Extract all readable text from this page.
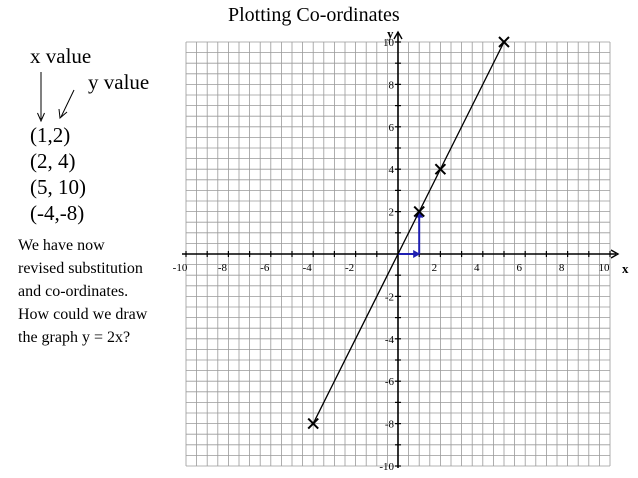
Plotting Co-ordinates
x value
y value
(1,2)
(2, 4)
(5, 10)
(-4,-8)
We have now
revised substitution
and co-ordinates.
How could we draw
the graph y = 2x?
-10	-8	-6	-4	-2	2	4	6	8	10
-10
-8
-6
-4
-2
2
4
6
8
10
x
y
